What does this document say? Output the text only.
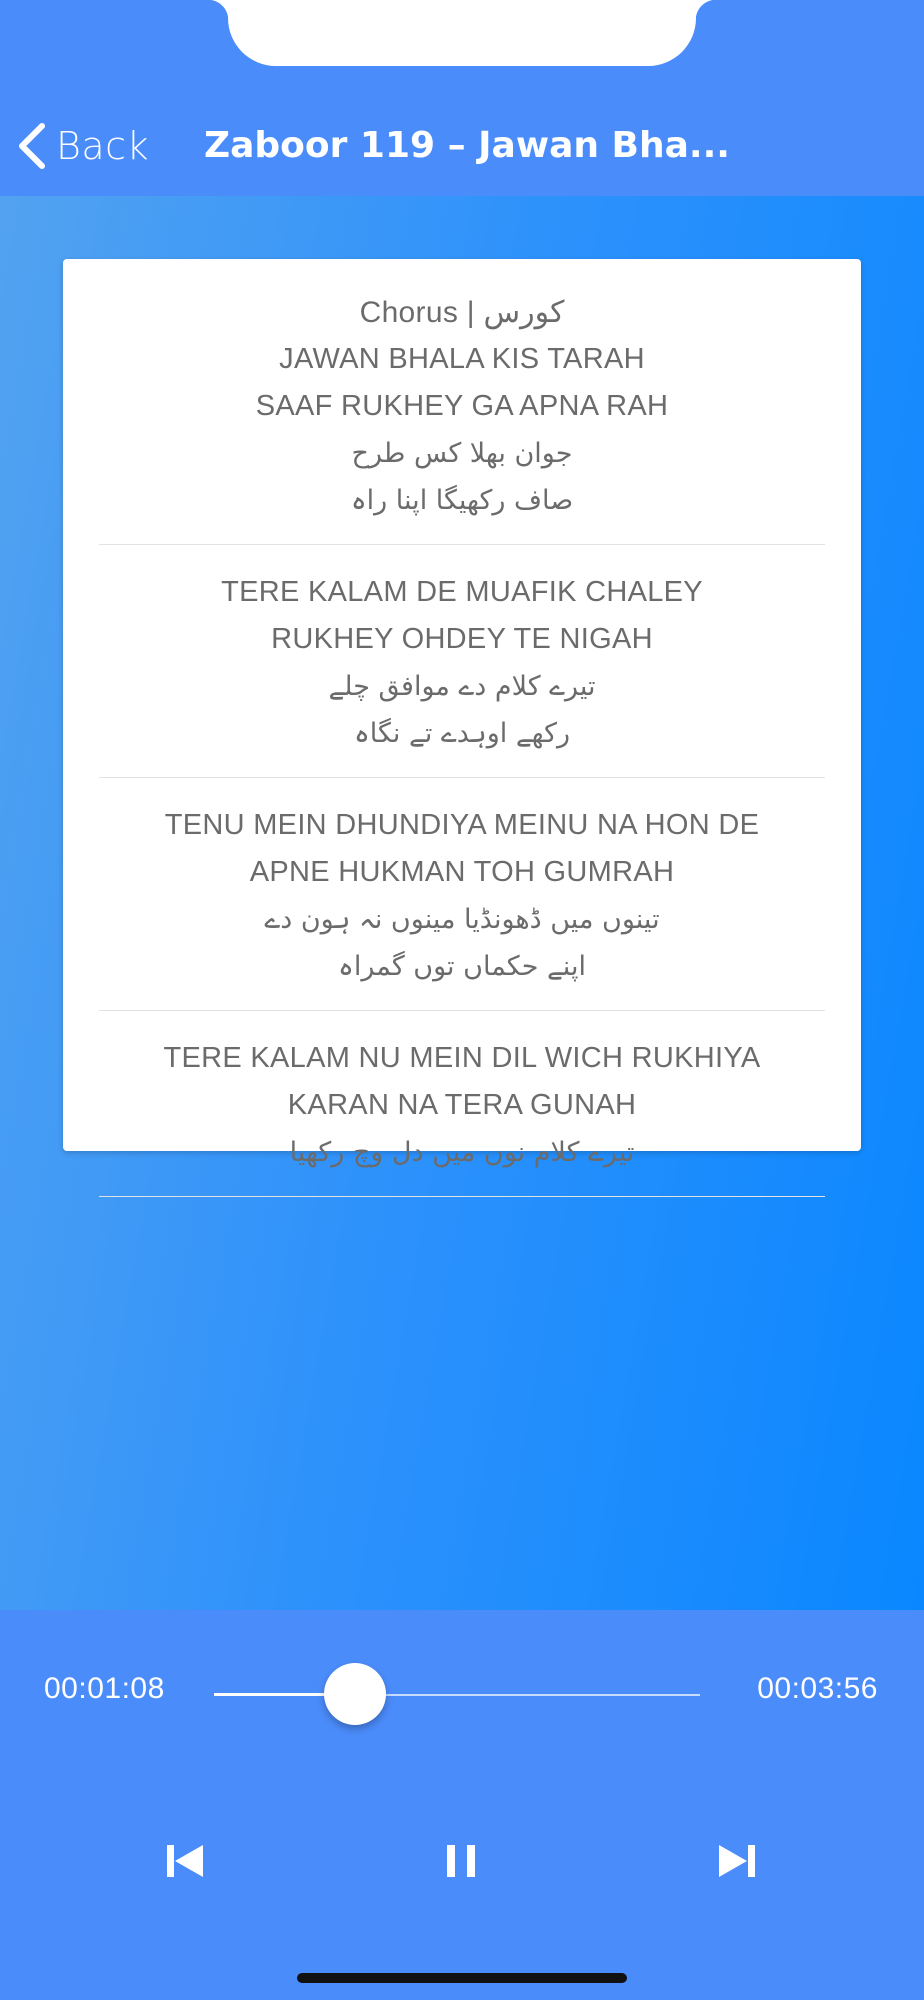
Back Zaboor 119 – Jawan Bha...
Chorus | کورس
JAWAN BHALA KIS TARAH
SAAF RUKHEY GA APNA RAH
جوان بھلا کس طرح
صاف رکھیگا اپنا راہ
TERE KALAM DE MUAFIK CHALEY
RUKHEY OHDEY TE NIGAH
تیرے کلام دے موافق چلے
رکھے اوہدے تے نگاہ
TENU MEIN DHUNDIYA MEINU NA HON DE
APNE HUKMAN TOH GUMRAH
تینوں میں ڈھونڈیا مینوں نہ ہون دے
اپنے حکماں توں گمراہ
TERE KALAM NU MEIN DIL WICH RUKHIYA
KARAN NA TERA GUNAH
تیرے کلام نوں میں دل وچ رکھیا
00:01:08	00:03:56
